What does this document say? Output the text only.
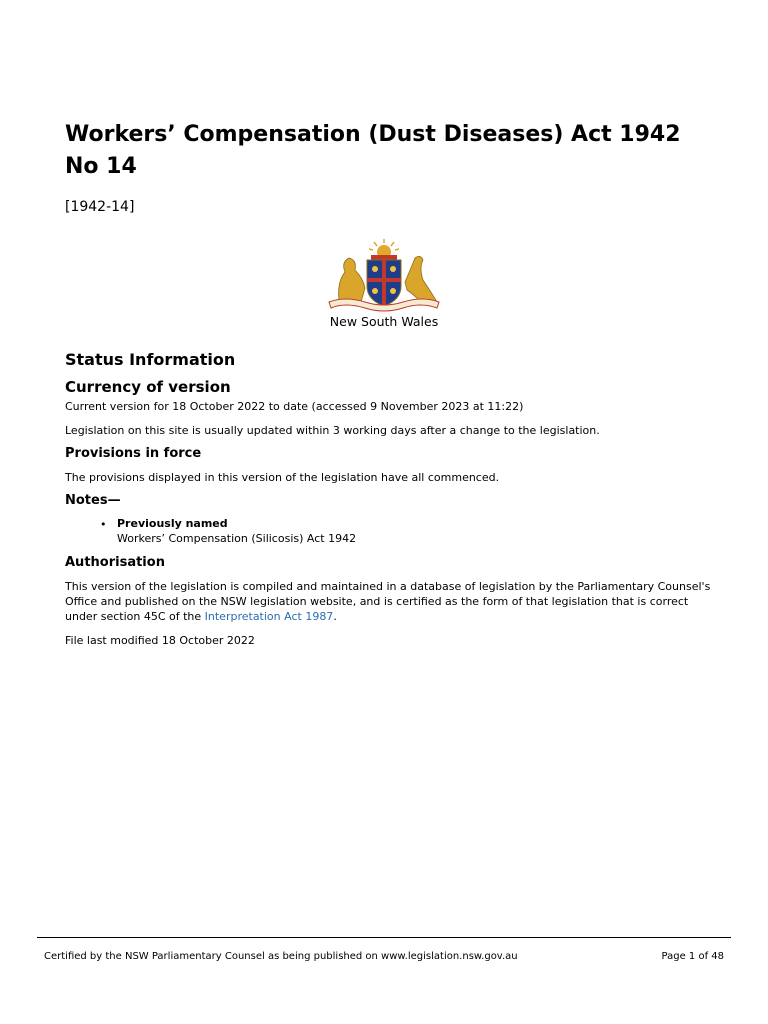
Workers’ Compensation (Dust Diseases) Act 1942 No 14
[1942-14]
New South Wales
Status Information
Currency of version

Current version for 18 October 2022 to date (accessed 9 November 2023 at 11:22)

Legislation on this site is usually updated within 3 working days after a change to the legislation.

Provisions in force

The provisions displayed in this version of the legislation have all commenced.

Notes—
• Previously named
Workers’ Compensation (Silicosis) Act 1942
Authorisation

This version of the legislation is compiled and maintained in a database of legislation by the Parliamentary Counsel's Office and published on the NSW legislation website, and is certified as the form of that legislation that is correct under section 45C of the Interpretation Act 1987.

File last modified 18 October 2022

Certified by the NSW Parliamentary Counsel as being published on www.legislation.nsw.gov.au	Page 1 of 48
